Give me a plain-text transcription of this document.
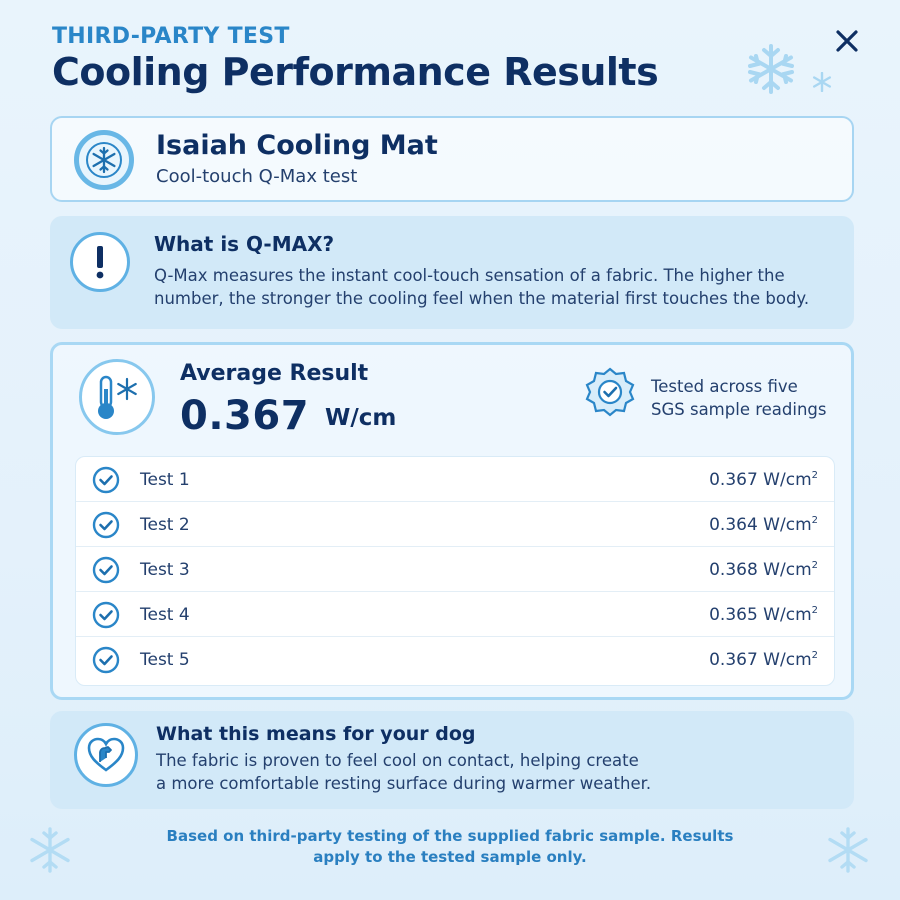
THIRD-PARTY TEST
Cooling Performance Results
Isaiah Cooling Mat
Cool-touch Q-Max test
What is Q-MAX?
Q-Max measures the instant cool-touch sensation of a fabric. The higher the number, the stronger the cooling feel when the material first touches the body.
Average Result
0.367 W/cm
Tested across five
SGS sample readings
Test 1	0.367 $W/cm^2$
Test 2	0.364 $W/cm^2$
Test 3	0.368 $W/cm^2$
Test 4	0.365 $W/cm^2$
Test 5	0.367 $W/cm^2$
What this means for your dog
The fabric is proven to feel cool on contact, helping create
a more comfortable resting surface during warmer weather.
Based on third-party testing of the supplied fabric sample. Results
apply to the tested sample only.
